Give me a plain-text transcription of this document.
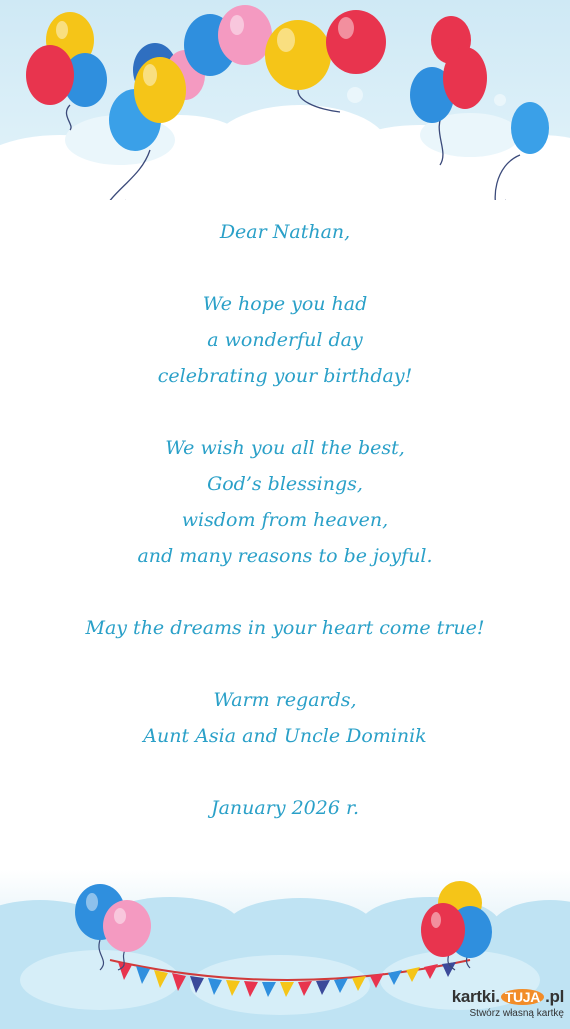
Dear Nathan,
We hope you had
a wonderful day
celebrating your birthday!
We wish you all the best,
God’s blessings,
wisdom from heaven,
and many reasons to be joyful.
May the dreams in your heart come true!
Warm regards,
Aunt Asia and Uncle Dominik
January 2026 r.
kartki. TUJA .pl
Stwórz własną kartkę
